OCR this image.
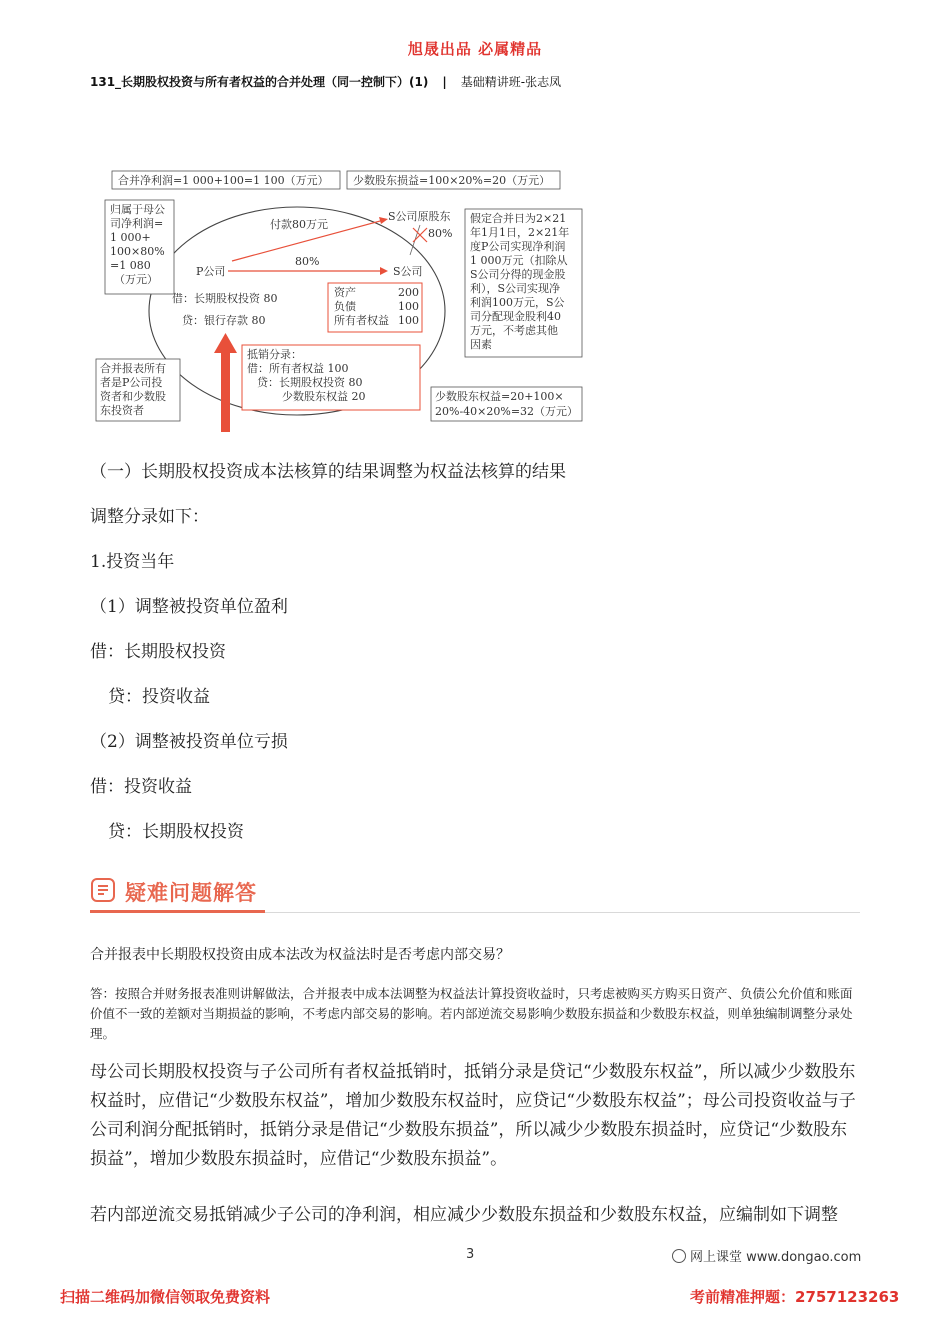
旭晟出品 必属精品
131_长期股权投资与所有者权益的合并处理（同一控制下）(1) | 基础精讲班-张志凤
合并净利润=1 000+100=1 100（万元） 少数股东损益=100×20%=20（万元）
归属于母公
司净利润=
1 000+
100×80%
=1 080
（万元）
付款80万元
S公司原股东
80%
P公司
80%
S公司
借：长期股权投资 80
贷：银行存款 80
资产	200
负债	100
所有者权益 100
假定合并日为2×21
年1月1日，2×21年
度P公司实现净利润
1 000万元（扣除从
S公司分得的现金股
利），S公司实现净
利润100万元，S公
司分配现金股利40
万元，不考虑其他
因素
合并报表所有
者是P公司投
资者和少数股
东投资者
抵销分录：
借：所有者权益 100
贷：长期股权投资 80
少数股东权益 20	少数股东权益=20+100×
20%-40×20%=32（万元）
（一）长期股权投资成本法核算的结果调整为权益法核算的结果
调整分录如下：
1.投资当年
（1）调整被投资单位盈利
借：长期股权投资
贷：投资收益
（2）调整被投资单位亏损
借：投资收益
贷：长期股权投资
疑难问题解答
合并报表中长期股权投资由成本法改为权益法时是否考虑内部交易？
答：按照合并财务报表准则讲解做法，合并报表中成本法调整为权益法计算投资收益时，只考虑被购买方购买日资产、负债公允价值和账面价值不一致的差额对当期损益的影响，不考虑内部交易的影响。若内部逆流交易影响少数股东损益和少数股东权益，则单独编制调整分录处理。
母公司长期股权投资与子公司所有者权益抵销时，抵销分录是贷记“少数股东权益”，所以减少少数股东权益时，应借记“少数股东权益”，增加少数股东权益时，应贷记“少数股东权益”；母公司投资收益与子公司利润分配抵销时，抵销分录是借记“少数股东损益”，所以减少少数股东损益时，应贷记“少数股东损益”，增加少数股东损益时，应借记“少数股东损益”。
若内部逆流交易抵销减少子公司的净利润，相应减少少数股东损益和少数股东权益，应编制如下调整
3	网上课堂 www.dongao.com
扫描二维码加微信领取免费资料	考前精准押题：2757123263
